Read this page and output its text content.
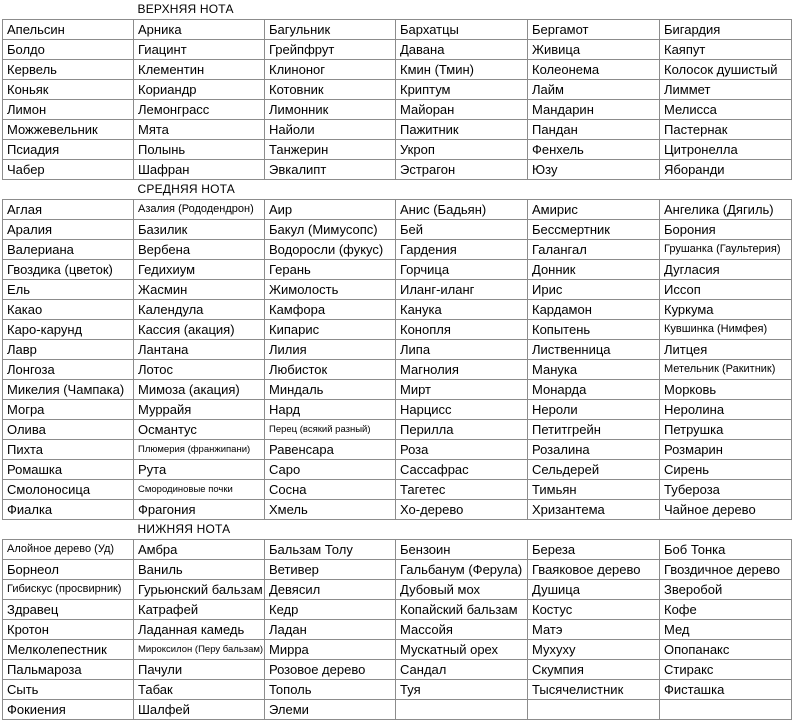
	ВЕРХНЯЯ НОТА				
Апельсин	Арника	Багульник	Бархатцы	Бергамот	Бигардия
Болдо	Гиацинт	Грейпфрут	Давана	Живица	Каяпут
Кервель	Клементин	Клиноног	Кмин (Тмин)	Колеонема	Колосок душистый
Коньяк	Кориандр	Котовник	Криптум	Лайм	Лиммет
Лимон	Лемонграсс	Лимонник	Майоран	Мандарин	Мелисса
Можжевельник	Мята	Найоли	Пажитник	Пандан	Пастернак
Псиадия	Полынь	Танжерин	Укроп	Фенхель	Цитронелла
Чабер	Шафран	Эвкалипт	Эстрагон	Юзу	Яборанди
	СРЕДНЯЯ НОТА				
Аглая	Азалия (Рододендрон)	Аир	Анис (Бадьян)	Амирис	Ангелика (Дягиль)
Аралия	Базилик	Бакул (Мимусопс)	Бей	Бессмертник	Борония
Валериана	Вербена	Водоросли (фукус)	Гардения	Галангал	Грушанка (Гаультерия)
Гвоздика (цветок)	Гедихиум	Герань	Горчица	Донник	Дугласия
Ель	Жасмин	Жимолость	Иланг-иланг	Ирис	Иссоп
Какао	Календула	Камфора	Канука	Кардамон	Куркума
Каро-карунд	Кассия (акация)	Кипарис	Конопля	Копытень	Кувшинка (Нимфея)
Лавр	Лантана	Лилия	Липа	Лиственница	Литцея
Лонгоза	Лотос	Любисток	Магнолия	Манука	Метельник (Ракитник)
Микелия (Чампака)	Мимоза (акация)	Миндаль	Мирт	Монарда	Морковь
Могра	Муррайя	Нард	Нарцисс	Нероли	Неролина
Олива	Османтус	Перец (всякий разный)	Перилла	Петитгрейн	Петрушка
Пихта	Плюмерия (франжипани)	Равенсара	Роза	Розалина	Розмарин
Ромашка	Рута	Саро	Сассафрас	Сельдерей	Сирень
Смолоносица	Смородиновые почки	Сосна	Тагетес	Тимьян	Тубероза
Фиалка	Фрагония	Хмель	Хо-дерево	Хризантема	Чайное дерево
	НИЖНЯЯ НОТА				
Алойное дерево (Уд)	Амбра	Бальзам Толу	Бензоин	Береза	Боб Тонка
Борнеол	Ваниль	Ветивер	Гальбанум (Ферула)	Гваяковое дерево	Гвоздичное дерево
Гибискус (просвирник)	Гурьюнский бальзам	Девясил	Дубовый мох	Душица	Зверобой
Здравец	Катрафей	Кедр	Копайский бальзам	Костус	Кофе
Кротон	Ладанная камедь	Ладан	Массойя	Матэ	Мед
Мелколепестник	Мироксилон (Перу бальзам)	Мирра	Мускатный орех	Мухуху	Опопанакс
Пальмароза	Пачули	Розовое дерево	Сандал	Скумпия	Стиракс
Сыть	Табак	Тополь	Туя	Тысячелистник	Фисташка
Фокиения	Шалфей	Элеми			
